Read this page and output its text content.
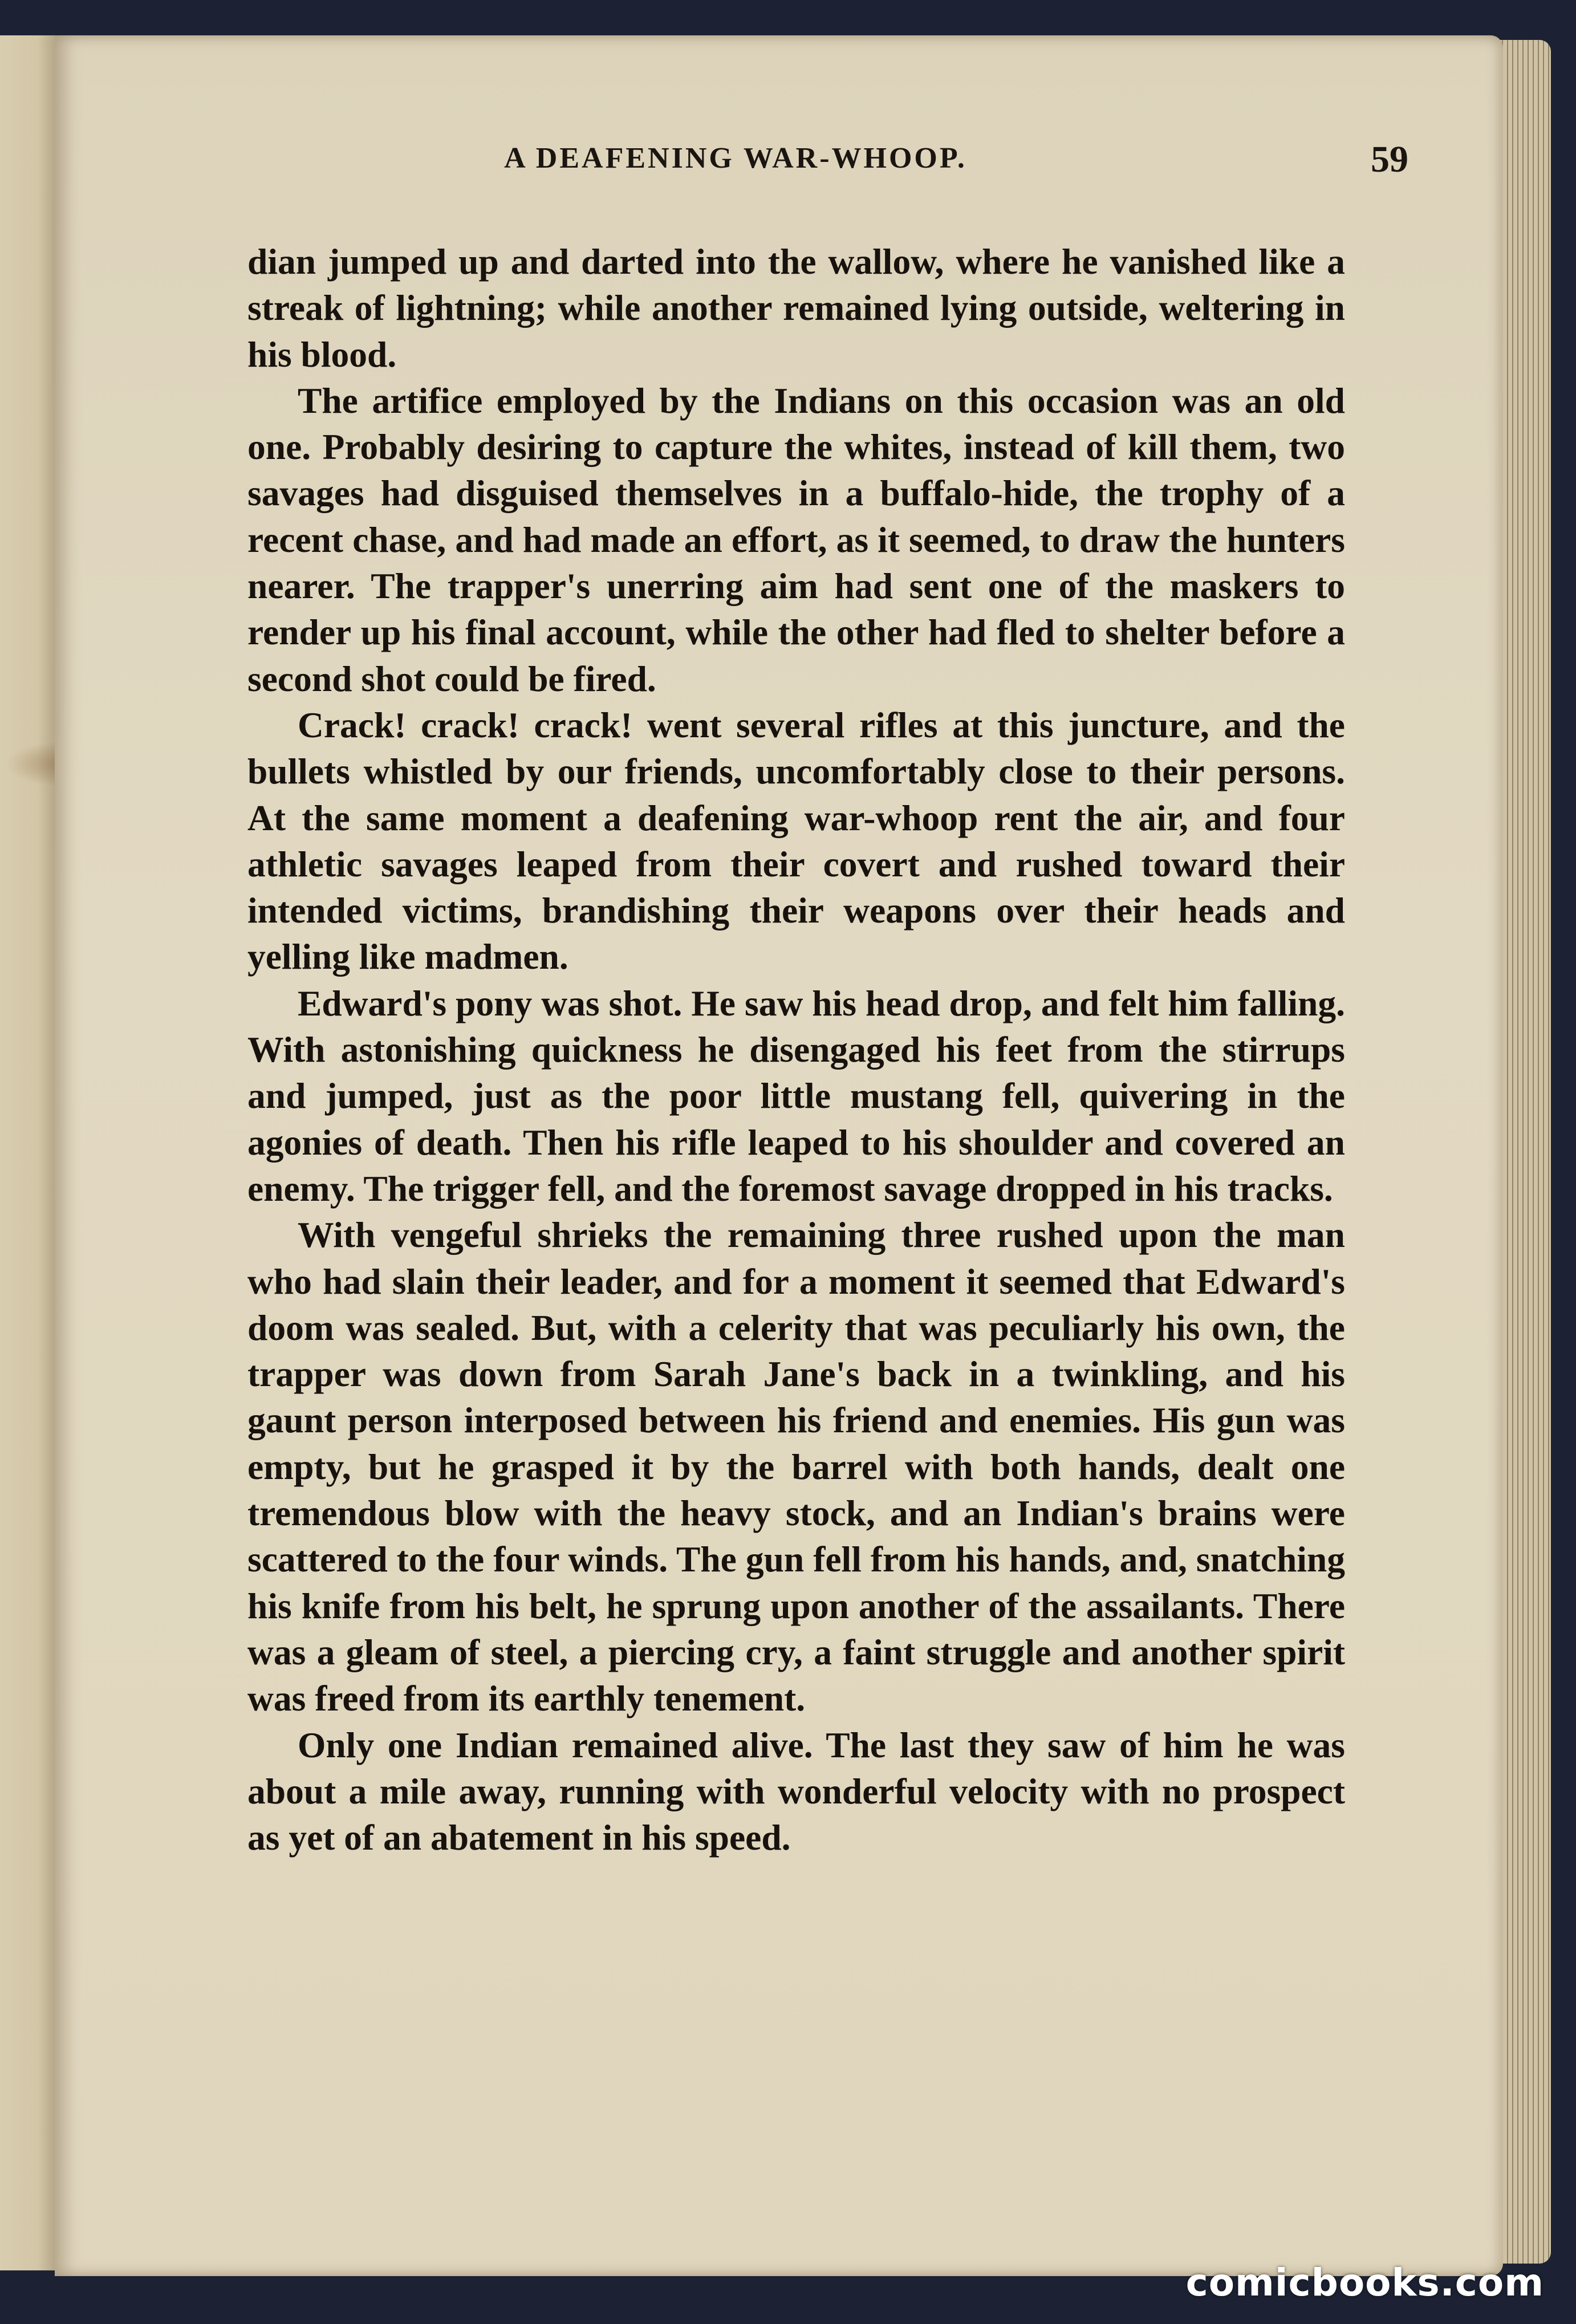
A DEAFENING WAR-WHOOP.	59

dian jumped up and darted into the wallow, where he vanished like a streak of lightning; while another remained lying outside, weltering in his blood.

The artifice employed by the Indians on this occasion was an old one. Probably desiring to capture the whites, instead of kill them, two savages had disguised themselves in a buffalo-hide, the trophy of a recent chase, and had made an effort, as it seemed, to draw the hunters nearer. The trapper's unerring aim had sent one of the maskers to render up his final account, while the other had fled to shelter before a second shot could be fired.

Crack! crack! crack! went several rifles at this juncture, and the bullets whistled by our friends, uncomfortably close to their persons. At the same moment a deafening war-whoop rent the air, and four athletic savages leaped from their covert and rushed toward their intended victims, brandishing their weapons over their heads and yelling like madmen.

Edward's pony was shot. He saw his head drop, and felt him falling. With astonishing quickness he disengaged his feet from the stirrups and jumped, just as the poor little mustang fell, quivering in the agonies of death. Then his rifle leaped to his shoulder and covered an enemy. The trigger fell, and the foremost savage dropped in his tracks.

With vengeful shrieks the remaining three rushed upon the man who had slain their leader, and for a moment it seemed that Edward's doom was sealed. But, with a celerity that was peculiarly his own, the trapper was down from Sarah Jane's back in a twinkling, and his gaunt person interposed between his friend and enemies. His gun was empty, but he grasped it by the barrel with both hands, dealt one tremendous blow with the heavy stock, and an Indian's brains were scattered to the four winds. The gun fell from his hands, and, snatching his knife from his belt, he sprung upon another of the assailants. There was a gleam of steel, a piercing cry, a faint struggle and another spirit was freed from its earthly tenement.

Only one Indian remained alive. The last they saw of him he was about a mile away, running with wonderful velocity with no prospect as yet of an abatement in his speed.

comicbooks.com
